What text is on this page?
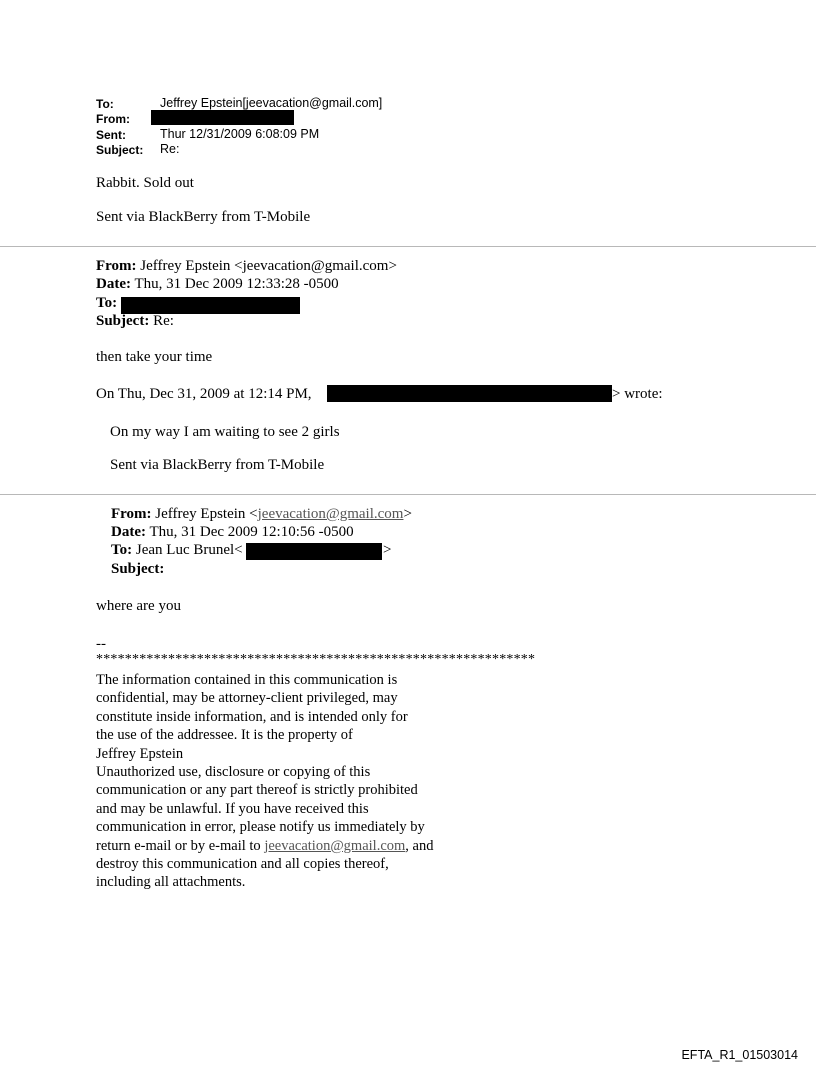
To:	Jeffrey Epstein[jeevacation@gmail.com]
From:
Sent:	Thur 12/31/2009 6:08:09 PM
Subject: Re:
Rabbit. Sold out
Sent via BlackBerry from T-Mobile
From: Jeffrey Epstein <jeevacation@gmail.com>
Date: Thu, 31 Dec 2009 12:33:28 -0500
To:
Subject: Re:
then take your time
On Thu, Dec 31, 2009 at 12:14 PM,	> wrote:
On my way I am waiting to see 2 girls
Sent via BlackBerry from T-Mobile
From: Jeffrey Epstein <jeevacation@gmail.com>
Date: Thu, 31 Dec 2009 12:10:56 -0500
To: Jean Luc Brunel<	>
Subject:
where are you
--
*************************************************************
The information contained in this communication is
confidential, may be attorney-client privileged, may
constitute inside information, and is intended only for
the use of the addressee. It is the property of
Jeffrey Epstein
Unauthorized use, disclosure or copying of this
communication or any part thereof is strictly prohibited
and may be unlawful. If you have received this
communication in error, please notify us immediately by
return e-mail or by e-mail to jeevacation@gmail.com, and
destroy this communication and all copies thereof,
including all attachments.
EFTA_R1_01503014
